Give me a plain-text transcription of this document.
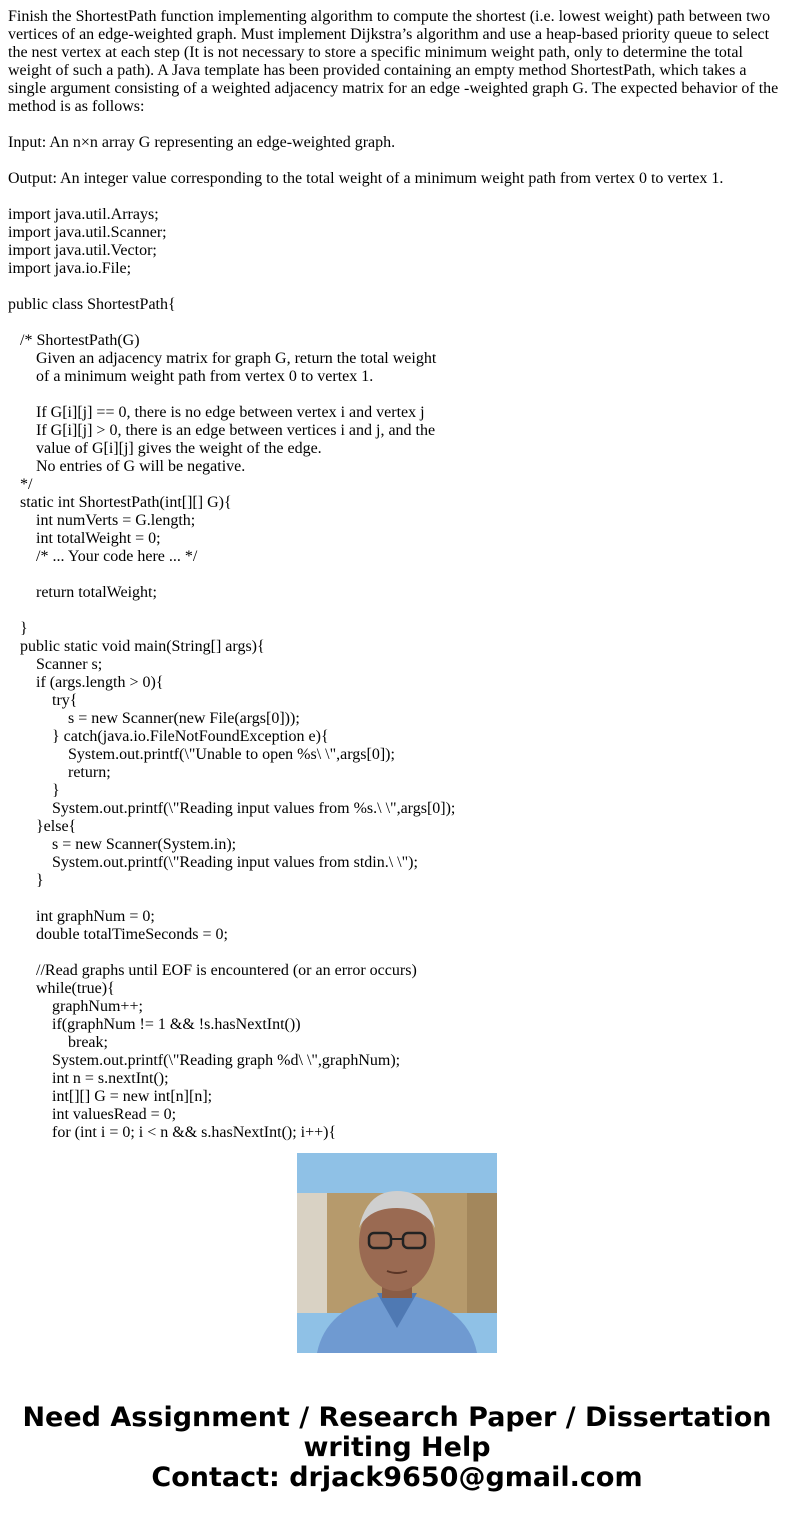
Finish the ShortestPath function implementing algorithm to compute the shortest (i.e. lowest weight) path between two vertices of an edge-weighted graph. Must implement Dijkstra’s algorithm and use a heap-based priority queue to select the nest vertex at each step (It is not necessary to store a specific minimum weight path, only to determine the total weight of such a path). A Java template has been provided containing an empty method ShortestPath, which takes a single argument consisting of a weighted adjacency matrix for an edge -weighted graph G. The expected behavior of the method is as follows:

Input: An n×n array G representing an edge-weighted graph.

Output: An integer value corresponding to the total weight of a minimum weight path from vertex 0 to vertex 1.

import java.util.Arrays;
import java.util.Scanner;
import java.util.Vector;
import java.io.File;
public class ShortestPath{
/* ShortestPath(G)
Given an adjacency matrix for graph G, return the total weight
of a minimum weight path from vertex 0 to vertex 1.
If G[i][j] == 0, there is no edge between vertex i and vertex j
If G[i][j] > 0, there is an edge between vertices i and j, and the
value of G[i][j] gives the weight of the edge.
No entries of G will be negative.
*/
static int ShortestPath(int[][] G){
int numVerts = G.length;
int totalWeight = 0;
/* ... Your code here ... */
return totalWeight;
}
public static void main(String[] args){
Scanner s;
if (args.length > 0){
try{
s = new Scanner(new File(args[0]));
} catch(java.io.FileNotFoundException e){
System.out.printf(\"Unable to open %s\ \",args[0]);
return;
}
System.out.printf(\"Reading input values from %s.\ \",args[0]);
}else{
s = new Scanner(System.in);
System.out.printf(\"Reading input values from stdin.\ \");
}
int graphNum = 0;
double totalTimeSeconds = 0;
//Read graphs until EOF is encountered (or an error occurs)
while(true){
graphNum++;
if(graphNum != 1 && !s.hasNextInt())
break;
System.out.printf(\"Reading graph %d\ \",graphNum);
int n = s.nextInt();
int[][] G = new int[n][n];
int valuesRead = 0;
for (int i = 0; i < n && s.hasNextInt(); i++){
Need Assignment / Research Paper / Dissertation
writing Help
Contact: drjack9650@gmail.com
